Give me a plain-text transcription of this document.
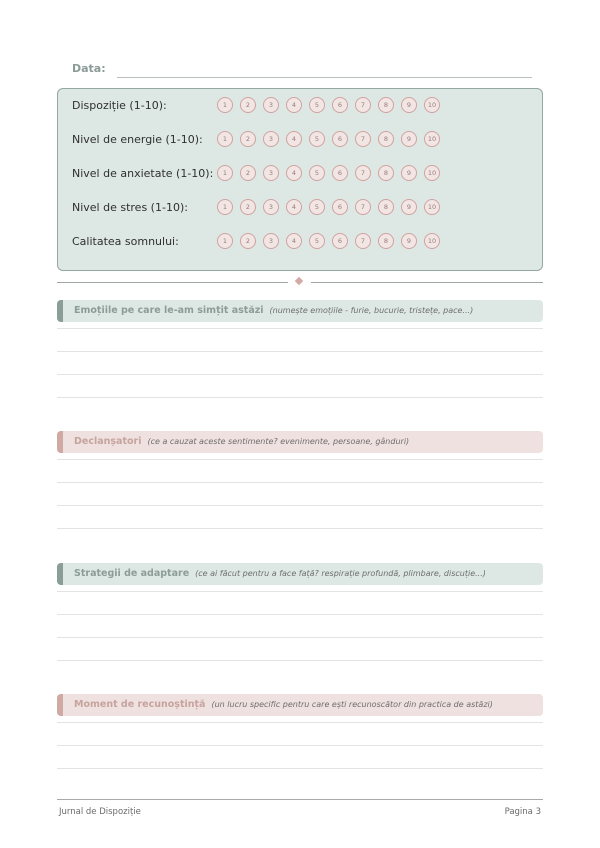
Data:
Dispoziție (1-10):	1	2	3	4	5	6	7	8	9	10
Nivel de energie (1-10):	1	2	3	4	5	6	7	8	9	10
Nivel de anxietate (1-10):	1	2	3	4	5	6	7	8	9	10
Nivel de stres (1-10):	1	2	3	4	5	6	7	8	9	10
Calitatea somnului:	1	2	3	4	5	6	7	8	9	10
Emoțiile pe care le-am simțit astăzi (numește emoțiile - furie, bucurie, tristețe, pace...)
Declanșatori (ce a cauzat aceste sentimente? evenimente, persoane, gânduri)
Strategii de adaptare (ce ai făcut pentru a face față? respirație profundă, plimbare, discuție...)
Moment de recunoștință (un lucru specific pentru care ești recunoscător din practica de astăzi)
Jurnal de Dispoziție	Pagina 3
